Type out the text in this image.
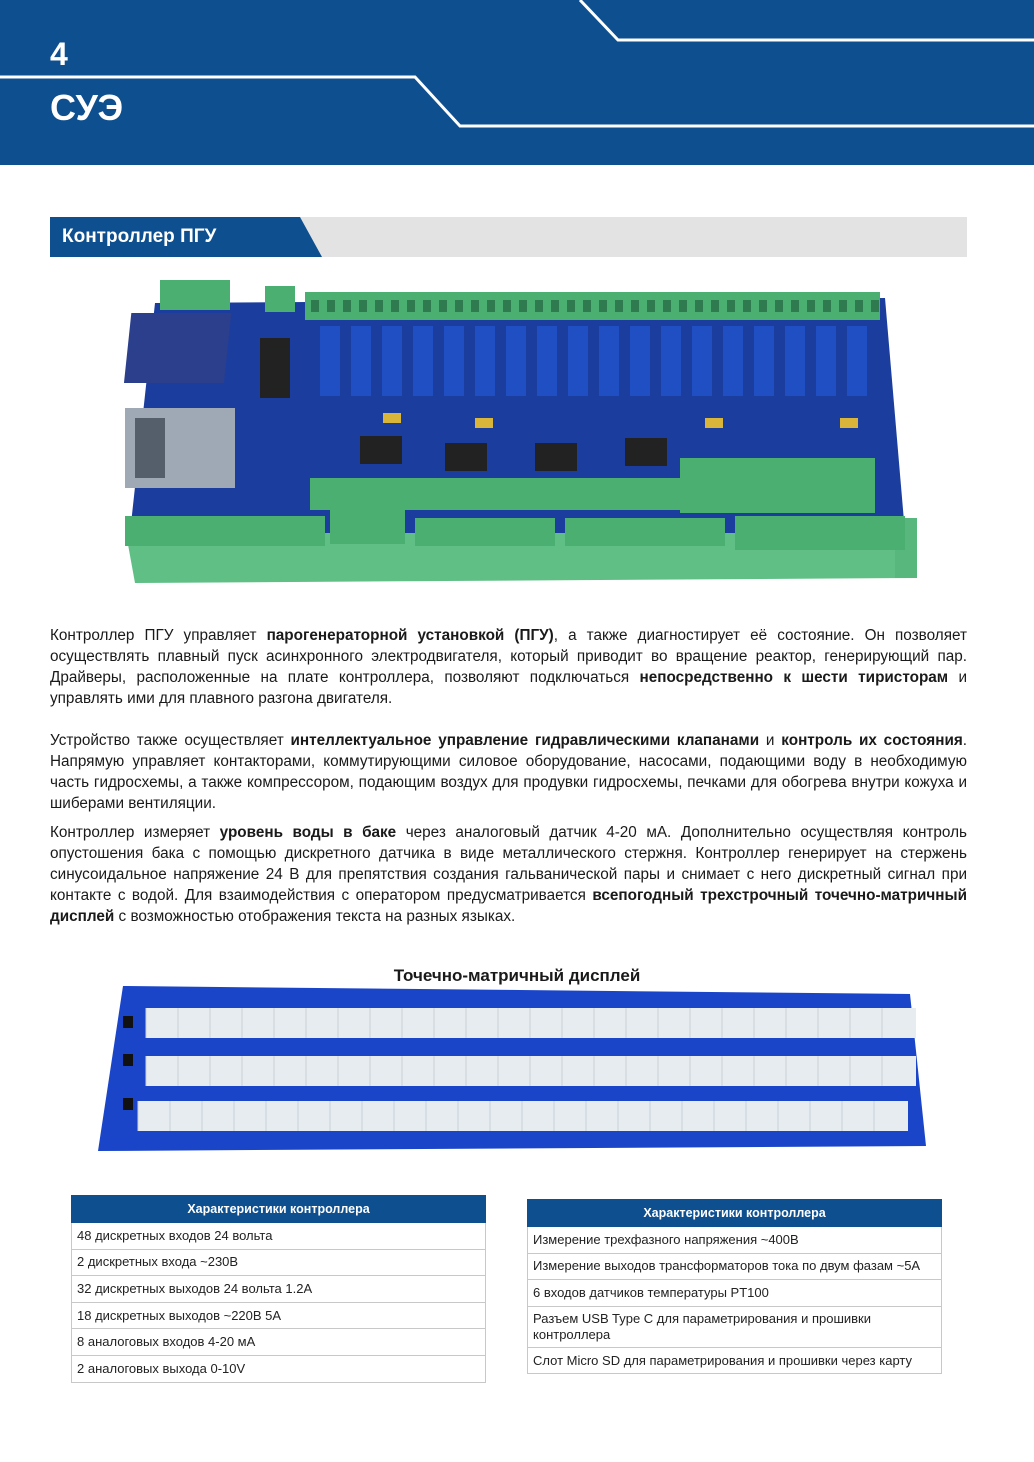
4
СУЭ
Контроллер ПГУ
Контроллер ПГУ управляет парогенераторной установкой (ПГУ), а также диагностирует её состояние. Он позволяет осуществлять плавный пуск асинхронного электродвигателя, который приводит во вращение реактор, генерирующий пар. Драйверы, расположенные на плате контроллера, позволяют подключаться непосредственно к шести тиристорам и управлять ими для плавного разгона двигателя.
Устройство также осуществляет интеллектуальное управление гидравлическими клапанами и контроль их состояния. Напрямую управляет контакторами, коммутирующими силовое оборудование, насосами, подающими воду в необходимую часть гидросхемы, а также компрессором, подающим воздух для продувки гидросхемы, печками для обогрева внутри кожуха и шиберами вентиляции.
Контроллер измеряет уровень воды в баке через аналоговый датчик 4-20 мА. Дополнительно осуществляя контроль опустошения бака с помощью дискретного датчика в виде металлического стержня. Контроллер генерирует на стержень синусоидальное напряжение 24 В для препятствия создания гальванической пары и снимает с него дискретный сигнал при контакте с водой. Для взаимодействия с оператором предусматривается всепогодный трехстрочный точечно-матричный дисплей с возможностью отображения текста на разных языках.
Точечно-матричный дисплей
Характеристики контроллера
48 дискретных входов 24 вольта
2 дискретных входа ~230В
32 дискретных выходов 24 вольта 1.2А
18 дискретных выходов ~220В 5А
8 аналоговых входов 4-20 мА
2 аналоговых выхода 0-10V
Характеристики контроллера
Измерение трехфазного напряжения ~400В
Измерение выходов трансформаторов тока по двум фазам ~5А
6 входов датчиков температуры PT100
Разъем USB Type C для параметрирования и прошивки контроллера
Слот Micro SD для параметрирования и прошивки через карту
